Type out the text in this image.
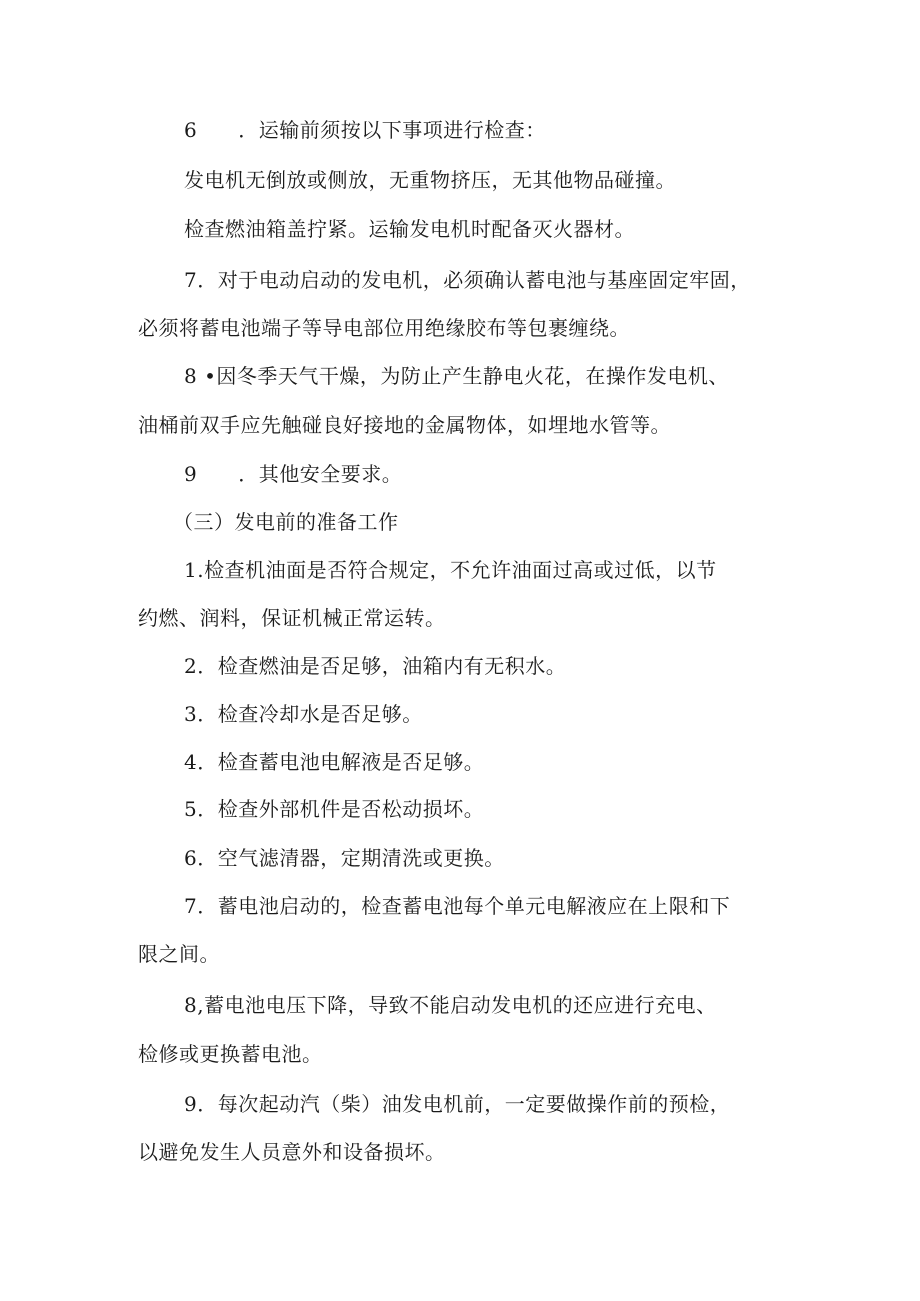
6　　．运输前须按以下事项进行检查：
发电机无倒放或侧放，无重物挤压，无其他物品碰撞。
检查燃油箱盖拧紧。运输发电机时配备灭火器材。
7．对于电动启动的发电机，必须确认蓄电池与基座固定牢固，
必须将蓄电池端子等导电部位用绝缘胶布等包裹缠绕。
8 •因冬季天气干燥，为防止产生静电火花，在操作发电机、
油桶前双手应先触碰良好接地的金属物体，如埋地水管等。
9　　．其他安全要求。
（三）发电前的准备工作
1.检查机油面是否符合规定，不允许油面过高或过低，以节
约燃、润料，保证机械正常运转。
2．检查燃油是否足够，油箱内有无积水。
3．检查冷却水是否足够。
4．检查蓄电池电解液是否足够。
5．检查外部机件是否松动损坏。
6．空气滤清器，定期清洗或更换。
7．蓄电池启动的，检查蓄电池每个单元电解液应在上限和下
限之间。
8,蓄电池电压下降，导致不能启动发电机的还应进行充电、
检修或更换蓄电池。
9．每次起动汽（柴）油发电机前，一定要做操作前的预检，
以避免发生人员意外和设备损坏。
